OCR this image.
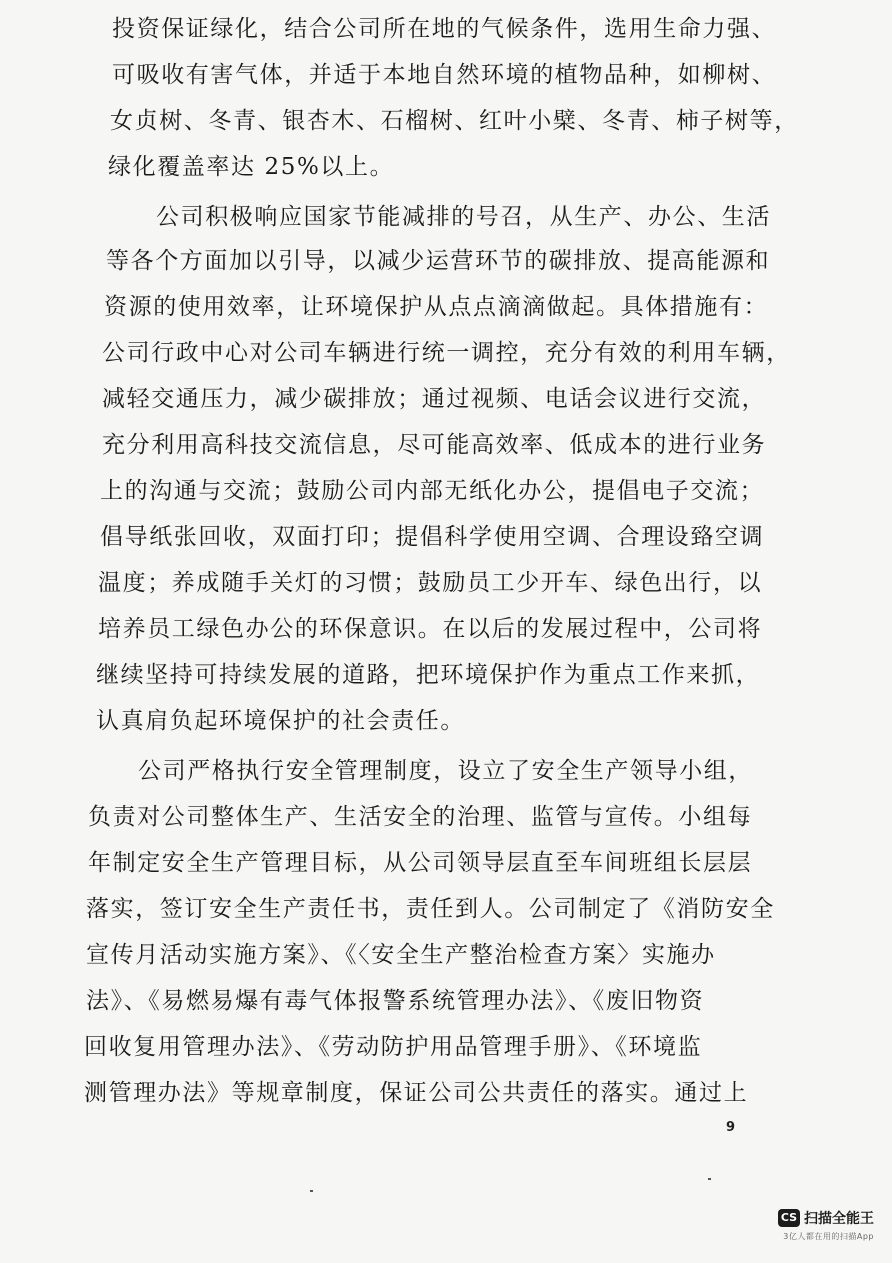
投资保证绿化，结合公司所在地的气候条件，选用生命力强、
可吸收有害气体，并适于本地自然环境的植物品种，如柳树、
女贞树、冬青、银杏木、石榴树、红叶小檗、冬青、柿子树等，
绿化覆盖率达 25%以上。
公司积极响应国家节能减排的号召，从生产、办公、生活
等各个方面加以引导，以减少运营环节的碳排放、提高能源和
资源的使用效率，让环境保护从点点滴滴做起。具体措施有：
公司行政中心对公司车辆进行统一调控，充分有效的利用车辆，
减轻交通压力，减少碳排放；通过视频、电话会议进行交流，
充分利用高科技交流信息，尽可能高效率、低成本的进行业务
上的沟通与交流；鼓励公司内部无纸化办公，提倡电子交流；
倡导纸张回收，双面打印；提倡科学使用空调、合理设臵空调
温度；养成随手关灯的习惯；鼓励员工少开车、绿色出行，以
培养员工绿色办公的环保意识。在以后的发展过程中，公司将
继续坚持可持续发展的道路，把环境保护作为重点工作来抓，
认真肩负起环境保护的社会责任。
公司严格执行安全管理制度，设立了安全生产领导小组，
负责对公司整体生产、生活安全的治理、监管与宣传。小组每
年制定安全生产管理目标，从公司领导层直至车间班组长层层
落实，签订安全生产责任书，责任到人。公司制定了《消防安全
宣传月活动实施方案》、《〈安全生产整治检查方案〉实施办
法》、《易燃易爆有毒气体报警系统管理办法》、《废旧物资
回收复用管理办法》、《劳动防护用品管理手册》、《环境监
测管理办法》等规章制度，保证公司公共责任的落实。通过上
9
CS 扫描全能王
3亿人都在用的扫描App
